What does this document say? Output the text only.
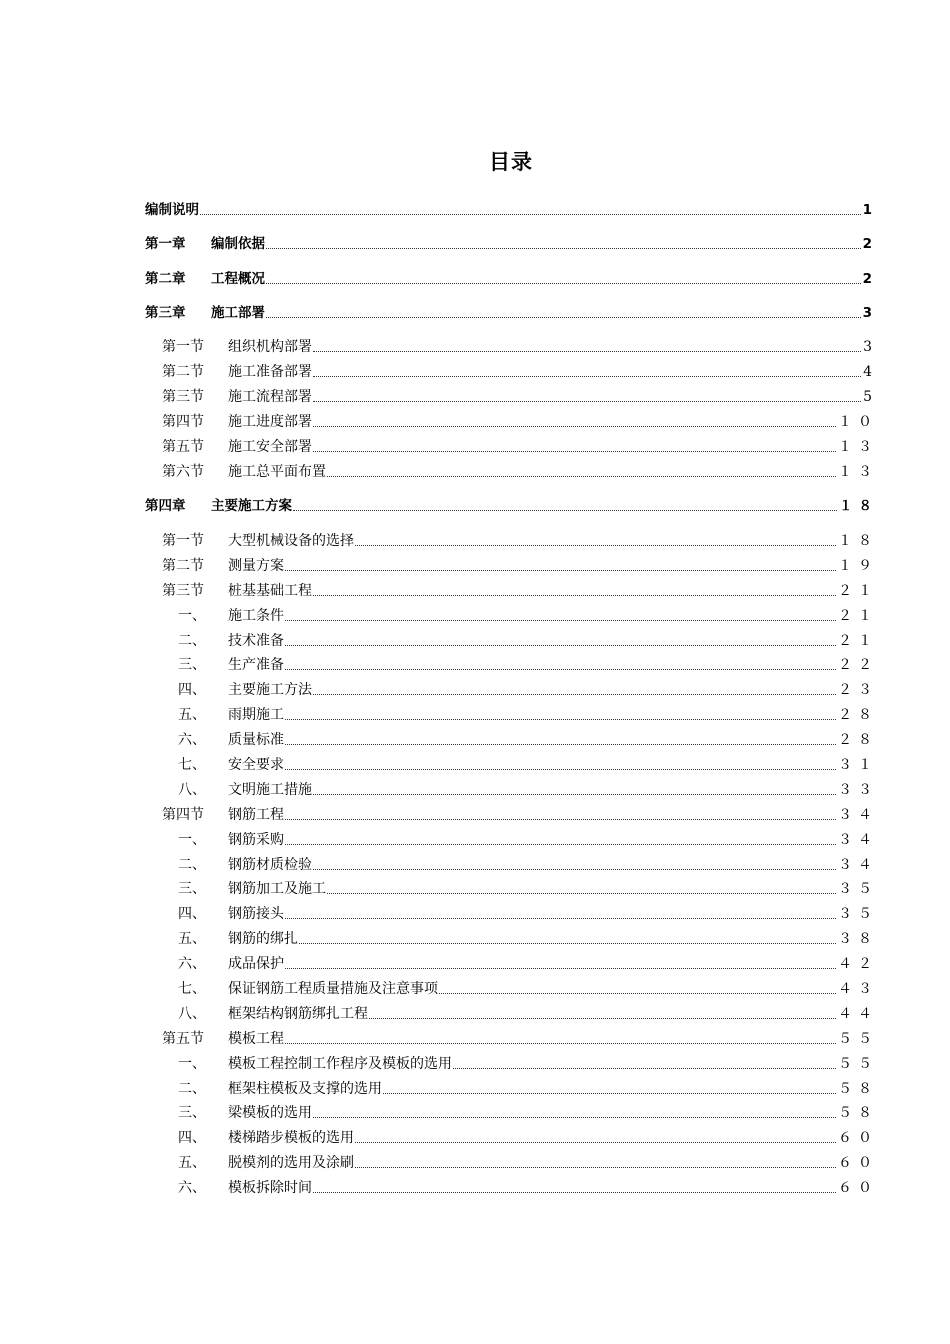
目录
编制说明	1
第一章	编制依据	2
第二章	工程概况	2
第三章	施工部署	3
第一节	组织机构部署	3
第二节	施工准备部署	4
第三节	施工流程部署	5
第四节	施工进度部署	１０
第五节	施工安全部署	１３
第六节	施工总平面布置	１３
第四章	主要施工方案	１８
第一节	大型机械设备的选择	１８
第二节	测量方案	１９
第三节	桩基基础工程	２１
一、	施工条件	２１
二、	技术准备	２１
三、	生产准备	２２
四、	主要施工方法	２３
五、	雨期施工	２８
六、	质量标准	２８
七、	安全要求	３１
八、	文明施工措施	３３
第四节	钢筋工程	３４
一、	钢筋采购	３４
二、	钢筋材质检验	３４
三、	钢筋加工及施工	３５
四、	钢筋接头	３５
五、	钢筋的绑扎	３８
六、	成品保护	４２
七、	保证钢筋工程质量措施及注意事项	４３
八、	框架结构钢筋绑扎工程	４４
第五节	模板工程	５５
一、	模板工程控制工作程序及模板的选用	５５
二、	框架柱模板及支撑的选用	５８
三、	梁模板的选用	５８
四、	楼梯踏步模板的选用	６０
五、	脱模剂的选用及涂刷	６０
六、	模板拆除时间	６０
